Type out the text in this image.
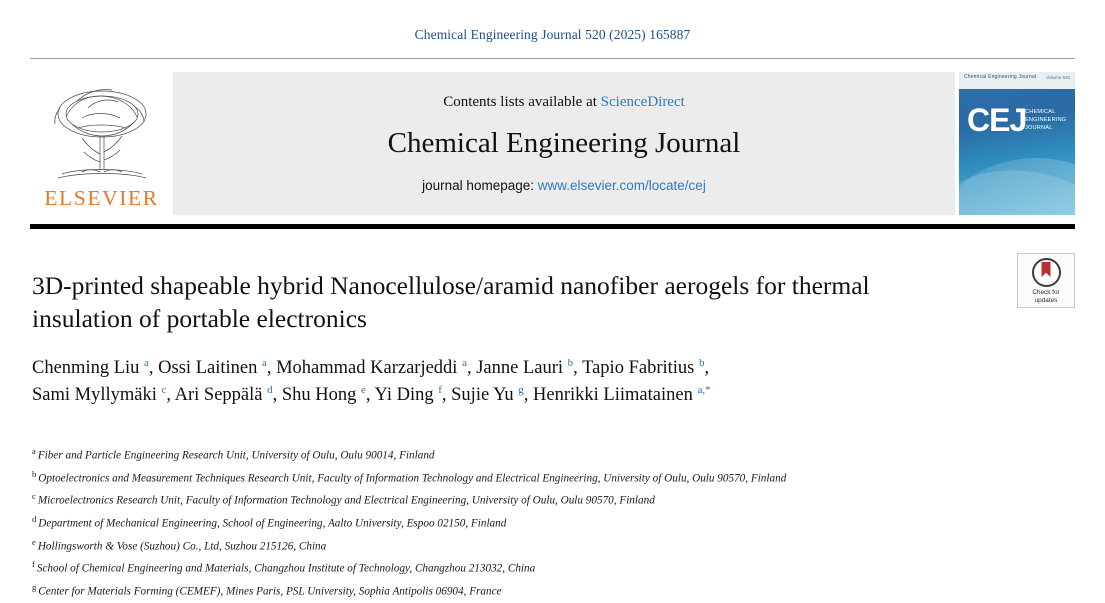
Chemical Engineering Journal 520 (2025) 165887
ELSEVIER
Contents lists available at ScienceDirect
Chemical Engineering Journal
journal homepage: www.elsevier.com/locate/cej
Chemical Engineering Journal Volume 520
CEJ
CHEMICAL
ENGINEERING
JOURNAL
Check for
updates
3D-printed shapeable hybrid Nanocellulose/aramid nanofiber aerogels for thermal insulation of portable electronics
Chenming Liu $^a$, Ossi Laitinen $^a$, Mohammad Karzarjeddi $^a$, Janne Lauri $^b$, Tapio Fabritius $^b$,
Sami Myllymäki $^c$, Ari Seppälä $^d$, Shu Hong $^e$, Yi Ding $^f$, Sujie Yu $^g$, Henrikki Liimatainen $^{a,*}$
$^a$ Fiber and Particle Engineering Research Unit, University of Oulu, Oulu 90014, Finland
$^b$ Optoelectronics and Measurement Techniques Research Unit, Faculty of Information Technology and Electrical Engineering, University of Oulu, Oulu 90570, Finland
$^c$ Microelectronics Research Unit, Faculty of Information Technology and Electrical Engineering, University of Oulu, Oulu 90570, Finland
$^d$ Department of Mechanical Engineering, School of Engineering, Aalto University, Espoo 02150, Finland
$^e$ Hollingsworth & Vose (Suzhou) Co., Ltd, Suzhou 215126, China
$^f$ School of Chemical Engineering and Materials, Changzhou Institute of Technology, Changzhou 213032, China
$^g$ Center for Materials Forming (CEMEF), Mines Paris, PSL University, Sophia Antipolis 06904, France
